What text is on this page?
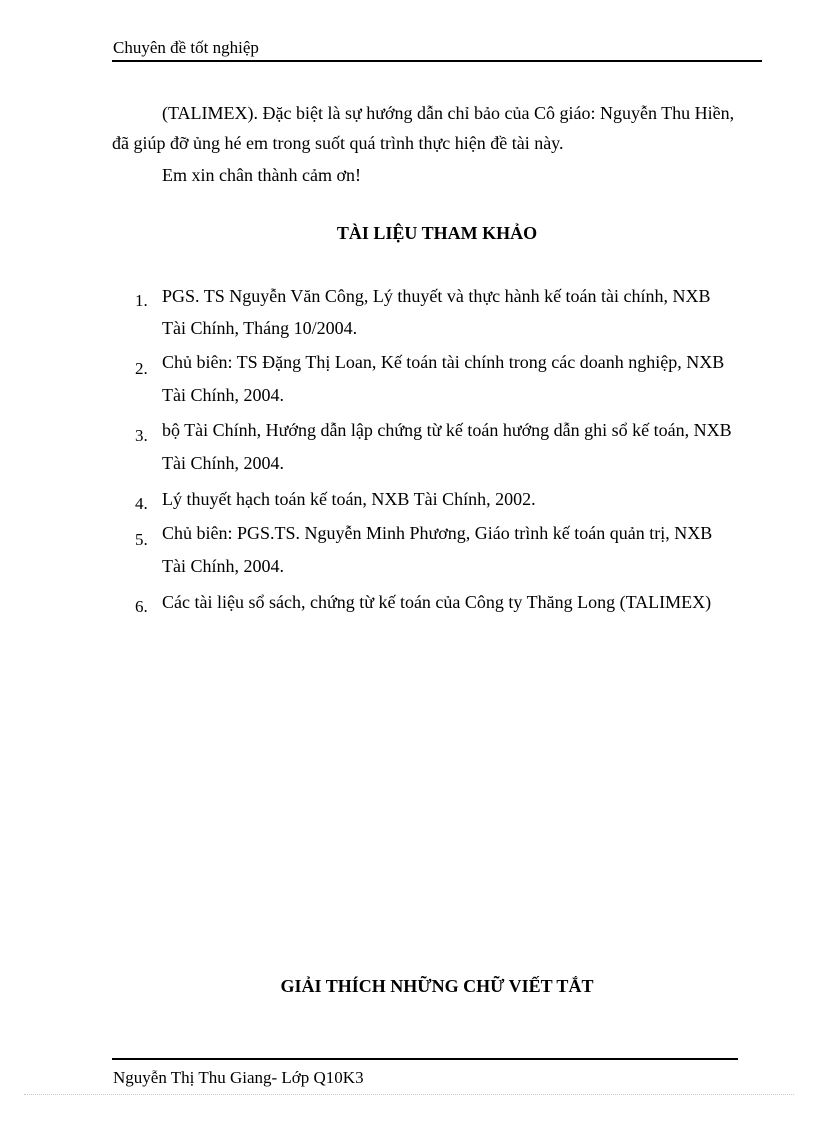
Chuyên đề tốt nghiệp
(TALIMEX). Đặc biệt là sự hướng dẫn chỉ bảo của Cô giáo: Nguyễn Thu Hiền,
đã giúp đỡ ủng hé em trong suốt quá trình thực hiện đề tài này.
Em xin chân thành cảm ơn!
TÀI LIỆU THAM KHẢO
1. PGS. TS Nguyễn Văn Công, Lý thuyết và thực hành kế toán tài chính, NXB
Tài Chính, Tháng 10/2004.
2. Chủ biên: TS Đặng Thị Loan, Kế toán tài chính trong các doanh nghiệp, NXB
Tài Chính, 2004.
3. bộ Tài Chính, Hướng dẫn lập chứng từ kế toán hướng dẫn ghi sổ kế toán, NXB
Tài Chính, 2004.
4. Lý thuyết hạch toán kế toán, NXB Tài Chính, 2002.
5. Chủ biên: PGS.TS. Nguyễn Minh Phương, Giáo trình kế toán quản trị, NXB
Tài Chính, 2004.
6. Các tài liệu sổ sách, chứng từ kế toán của Công ty Thăng Long (TALIMEX)
GIẢI THÍCH NHỮNG CHỮ VIẾT TẮT
Nguyễn Thị Thu Giang- Lớp Q10K3
